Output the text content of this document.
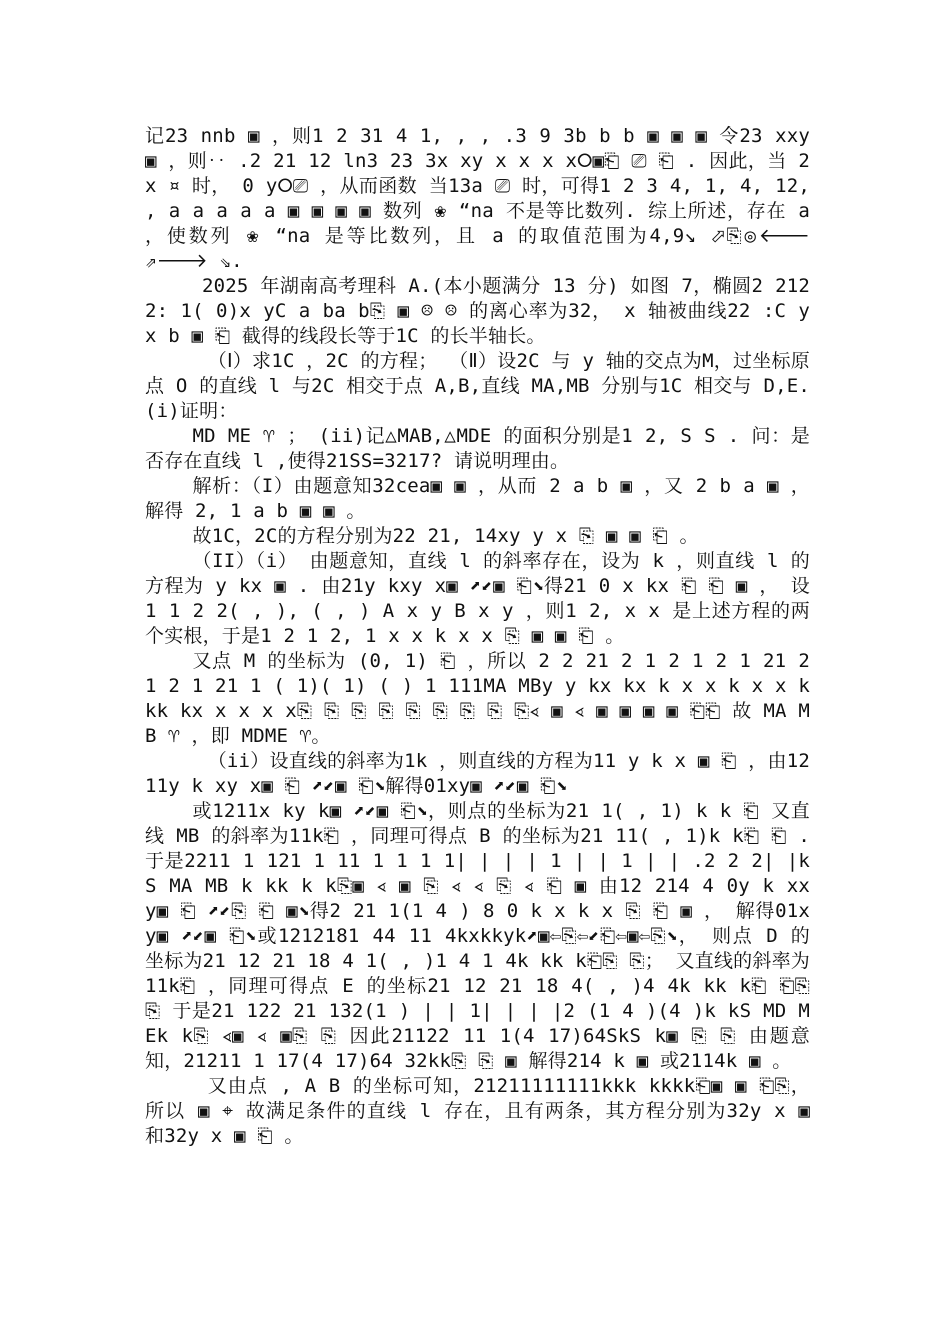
记23 nnb ▣ ，则1 2 31 4 1, , , .3 9 3b b b ▣ ▣ ▣ 令23 xxy ▣ ，则‥ .2 21 12 ln3 23 3x xy x x x x⭘▣⎗ ⎚ ⎗ . 因此，当 2 x ¤ 时， 0 y⭘⎚ ，从而函数 当13a ⎚ 时，可得1 2 3 4, 1, 4, 12, , a a a a a ▣ ▣ ▣ ▣ 数列 ❀ “na 不是等比数列. 综上所述，存在 a ，使数列 ❀ “na 是等比数列，且 a 的取值范围为4,9↘ ⬀⎘◎🡐 ⇗🡒 ⇘.

2025 年湖南高考理科 A.(本小题满分 13 分) 如图 7，椭圆2 212 2: 1( 0)x yC a ba b⎘ ▣ ☹ ☹ 的离心率为32， x 轴被曲线22 :C y x b ▣ ⎗ 截得的线段长等于1C 的长半轴长。

（Ⅰ）求1C ，2C 的方程； （Ⅱ）设2C 与 y 轴的交点为M，过坐标原点 O 的直线 l 与2C 相交于点 A,B,直线 MA,MB 分别与1C 相交与 D,E. (i)证明：

MD ME ♈ ； (ii)记△MAB,△MDE 的面积分别是1 2, S S . 问：是否存在直线 l ,使得21SS=3217? 请说明理由。

解析：（I）由题意知32cea▣ ▣ ，从而 2 a b ▣ ，又 2 b a ▣ ，解得 2, 1 a b ▣ ▣ 。

故1C，2C的方程分别为22 21, 14xy y x ⎘ ▣ ▣ ⎗ 。

（II）（i） 由题意知，直线 l 的斜率存在，设为 k ，则直线 l 的方程为 y kx ▣ . 由21y kxy x▣ ⬈⬋▣ ⎗⬊得21 0 x kx ⎗ ⎗ ▣ ， 设1 1 2 2( , ), ( , ) A x y B x y ，则1 2, x x 是上述方程的两个实根，于是1 2 1 2, 1 x x k x x ⎘ ▣ ▣ ⎗ 。

又点 M 的坐标为 (0, 1) ⎗ ，所以 2 2 21 2 1 2 1 2 1 21 2 1 2 1 21 1 ( 1)( 1) ( ) 1 111MA MBy y kx kx k x x k x x k kk kx x x x x⎘ ⎘ ⎘ ⎘ ⎘ ⎘ ⎘ ⎘ ⎘∢ ▣ ∢ ▣ ▣ ▣ ▣ ⎗⎗ 故 MA MB ♈ ，即 MDME ♈。

（ii）设直线的斜率为1k ，则直线的方程为11 y k x ▣ ⎗ ，由1211y k xy x▣ ⎗ ⬈⬋▣ ⎗⬊解得01xy▣ ⬈⬋▣ ⎗⬊

或1211x ky k▣ ⬈⬋▣ ⎗⬊，则点的坐标为21 1( , 1) k k ⎗ 又直线 MB 的斜率为11k⎗ ，同理可得点 B 的坐标为21 11( , 1)k k⎗ ⎗ . 于是2211 1 121 1 11 1 1 1 1| | | | 1 | | 1 | | .2 2 2| |kS MA MB k kk k k⎘▣ ∢ ▣ ⎘ ∢ ∢ ⎘ ∢ ⎗ ▣ 由12 214 4 0y k xx y▣ ⎗ ⬈⬋⎘ ⎗ ▣⬊得2 21 1(1 4 ) 8 0 k x k x ⎘ ⎗ ▣ ， 解得01xy▣ ⬈⬋▣ ⎗⬊或1212181 44 11 4kxkkyk⬈▣⇦⎘⇦⬋⎗⇦▣⇦⎘⬊， 则点 D 的坐标为21 12 21 18 4 1( , )1 4 1 4k kk k⎗⎘ ⎘； 又直线的斜率为11k⎗ ，同理可得点 E 的坐标21 12 21 18 4( , )4 4k kk k⎗ ⎗⎘ ⎘ 于是21 122 21 132(1 ) | | 1| | | |2 (1 4 )(4 )k kS MD MEk k⎘ ∢▣ ∢ ▣⎘ ⎘ 因此21122 11 1(4 17)64SkS k▣ ⎘ ⎘ 由题意知，21211 1 17(4 17)64 32kk⎘ ⎘ ▣ 解得214 k ▣ 或2114k ▣ 。

又由点 , A B 的坐标可知，21211111111kkk kkkk⎗▣ ▣ ⎗⎘， 所以 ▣ ⌖ 故满足条件的直线 l 存在，且有两条，其方程分别为32y x ▣ 和32y x ▣ ⎗ 。
